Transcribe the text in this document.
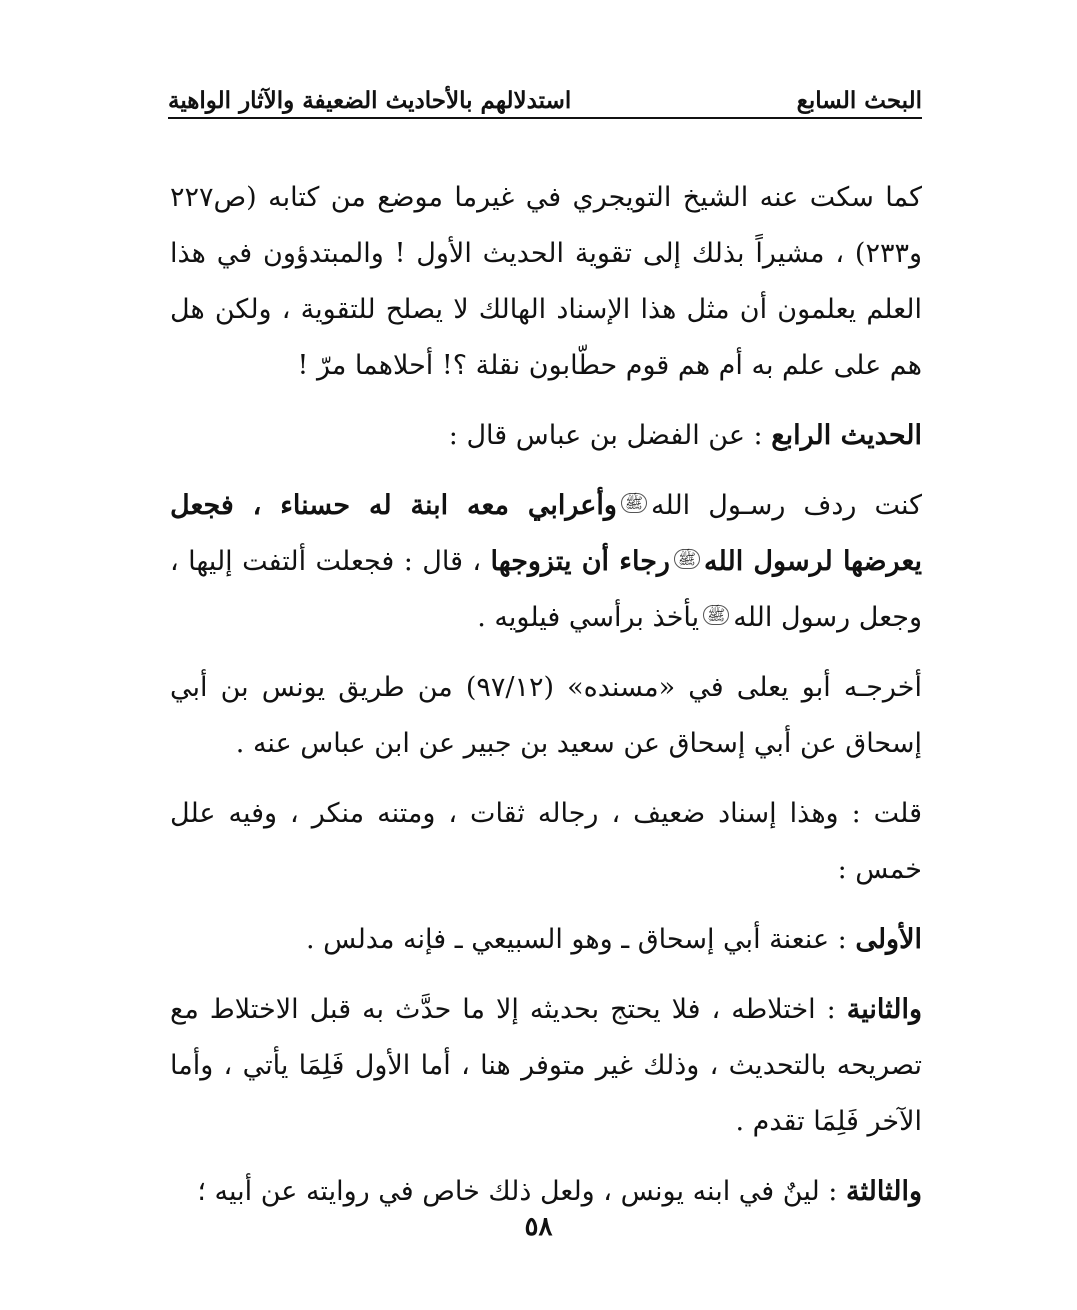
البحث السابع
استدلالهم بالأحاديث الضعيفة والآثار الواهية

كما سكت عنه الشيخ التويجري في غيرما موضع من كتابه (ص٢٢٧ و٢٣٣) ، مشيراً بذلك إلى تقوية الحديث الأول ! والمبتدؤون في هذا العلم يعلمون أن مثل هذا الإسناد الهالك لا يصلح للتقوية ، ولكن هل هم على علم به أم هم قوم حطّابون نقلة ؟! أحلاهما مرّ !

الحديث الرابع : عن الفضل بن عباس قال :

كنت ردف رسـول اللهﷺوأعرابي معه ابنة له حسناء ، فجعل يعرضها لرسول اللهﷺرجاء أن يتزوجها ، قال : فجعلت ألتفت إليها ، وجعل رسول اللهﷺيأخذ برأسي فيلويه .

أخرجـه أبو يعلى في «مسنده» (٩٧/١٢) من طريق يونس بن أبي إسحاق عن أبي إسحاق عن سعيد بن جبير عن ابن عباس عنه .

قلت : وهذا إسناد ضعيف ، رجاله ثقات ، ومتنه منكر ، وفيه علل خمس :

الأولى : عنعنة أبي إسحاق ـ وهو السبيعي ـ فإنه مدلس .

والثانية : اختلاطه ، فلا يحتج بحديثه إلا ما حدَّث به قبل الاختلاط مع تصريحه بالتحديث ، وذلك غير متوفر هنا ، أما الأول فَلِمَا يأتي ، وأما الآخر فَلِمَا تقدم .

والثالثة : لينٌ في ابنه يونس ، ولعل ذلك خاص في روايته عن أبيه ؛

٥٨
